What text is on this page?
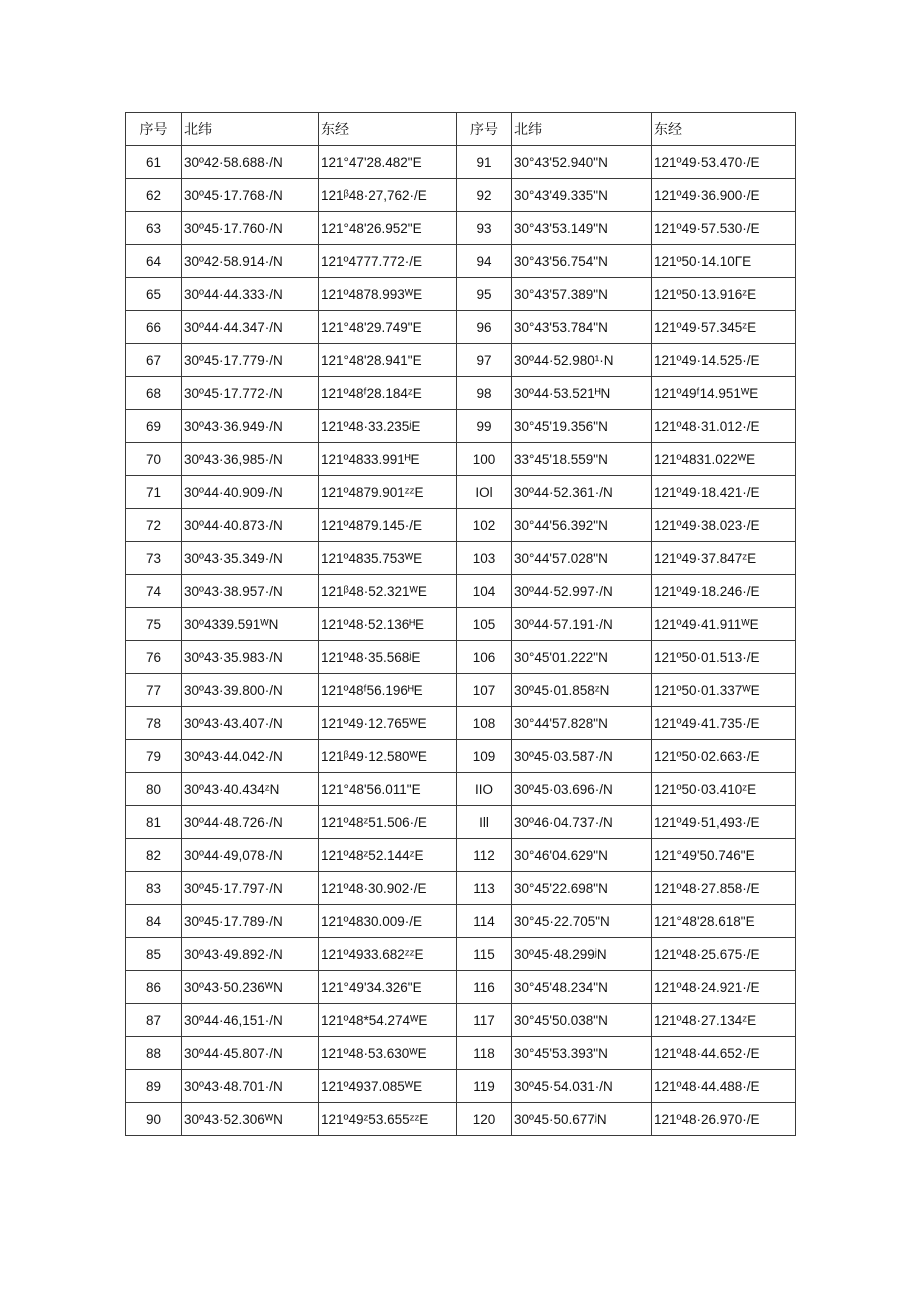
序号	北纬	东经	序号	北纬	东经
61	30º42·58.688·/N	121°47'28.482"E	91	30°43'52.940"N	121º49·53.470·/E
62	30º45·17.768·/N	121ᵝ48·27,762·/E	92	30°43'49.335"N	121º49·36.900·/E
63	30º45·17.760·/N	121°48'26.952"E	93	30°43'53.149"N	121º49·57.530·/E
64	30º42·58.914·/N	121º4777.772·/E	94	30°43'56.754"N	121º50·14.10ΓE
65	30º44·44.333·/N	121º4878.993ᵂE	95	30°43'57.389"N	121º50·13.916ᶻE
66	30º44·44.347·/N	121°48'29.749"E	96	30°43'53.784"N	121º49·57.345ᶻE
67	30º45·17.779·/N	121°48'28.941"E	97	30º44·52.980¹·N	121º49·14.525·/E
68	30º45·17.772·/N	121º48ᶠ28.184ᶻE	98	30º44·53.521ᴴN	121º49ᶠ14.951ᵂE
69	30º43·36.949·/N	121º48·33.235ʲE	99	30°45'19.356"N	121º48·31.012·/E
70	30º43·36,985·/N	121º4833.991ᴴE	100	33°45'18.559"N	121º4831.022ᵂE
71	30º44·40.909·/N	121º4879.901ᶻᶻE	IOl	30º44·52.361·/N	121º49·18.421·/E
72	30º44·40.873·/N	121º4879.145·/E	102	30°44'56.392"N	121º49·38.023·/E
73	30º43·35.349·/N	121º4835.753ᵂE	103	30°44'57.028"N	121º49·37.847ᶻE
74	30º43·38.957·/N	121ᵝ48·52.321ᵂE	104	30º44·52.997·/N	121º49·18.246·/E
75	30º4339.591ᵂN	121º48·52.136ᴴE	105	30º44·57.191·/N	121º49·41.911ᵂE
76	30º43·35.983·/N	121º48·35.568ʲE	106	30°45'01.222"N	121º50·01.513·/E
77	30º43·39.800·/N	121º48ᶠ56.196ᴴE	107	30º45·01.858ᶻN	121º50·01.337ᵂE
78	30º43·43.407·/N	121º49·12.765ᵂE	108	30°44'57.828"N	121º49·41.735·/E
79	30º43·44.042·/N	121ᵝ49·12.580ᵂE	109	30º45·03.587·/N	121º50·02.663·/E
80	30º43·40.434ᶻN	121°48'56.011"E	IIO	30º45·03.696·/N	121º50·03.410ᶻE
81	30º44·48.726·/N	121º48ᶻ51.506·/E	Ill	30º46·04.737·/N	121º49·51,493·/E
82	30º44·49,078·/N	121º48ᶻ52.144ᶻE	112	30°46'04.629"N	121°49'50.746"E
83	30º45·17.797·/N	121º48·30.902·/E	113	30°45'22.698"N	121º48·27.858·/E
84	30º45·17.789·/N	121º4830.009·/E	114	30°45·22.705"N	121°48'28.618"E
85	30º43·49.892·/N	121º4933.682ᶻᶻE	115	30º45·48.299ʲN	121º48·25.675·/E
86	30º43·50.236ᵂN	121°49'34.326"E	116	30°45'48.234"N	121º48·24.921·/E
87	30º44·46,151·/N	121º48*54.274ᵂE	117	30°45'50.038"N	121º48·27.134ᶻE
88	30º44·45.807·/N	121º48·53.630ᵂE	118	30°45'53.393"N	121º48·44.652·/E
89	30º43·48.701·/N	121º4937.085ᵂE	119	30º45·54.031·/N	121º48·44.488·/E
90	30º43·52.306ᵂN	121º49ᶻ53.655ᶻᶻE	120	30º45·50.677ʲN	121º48·26.970·/E
